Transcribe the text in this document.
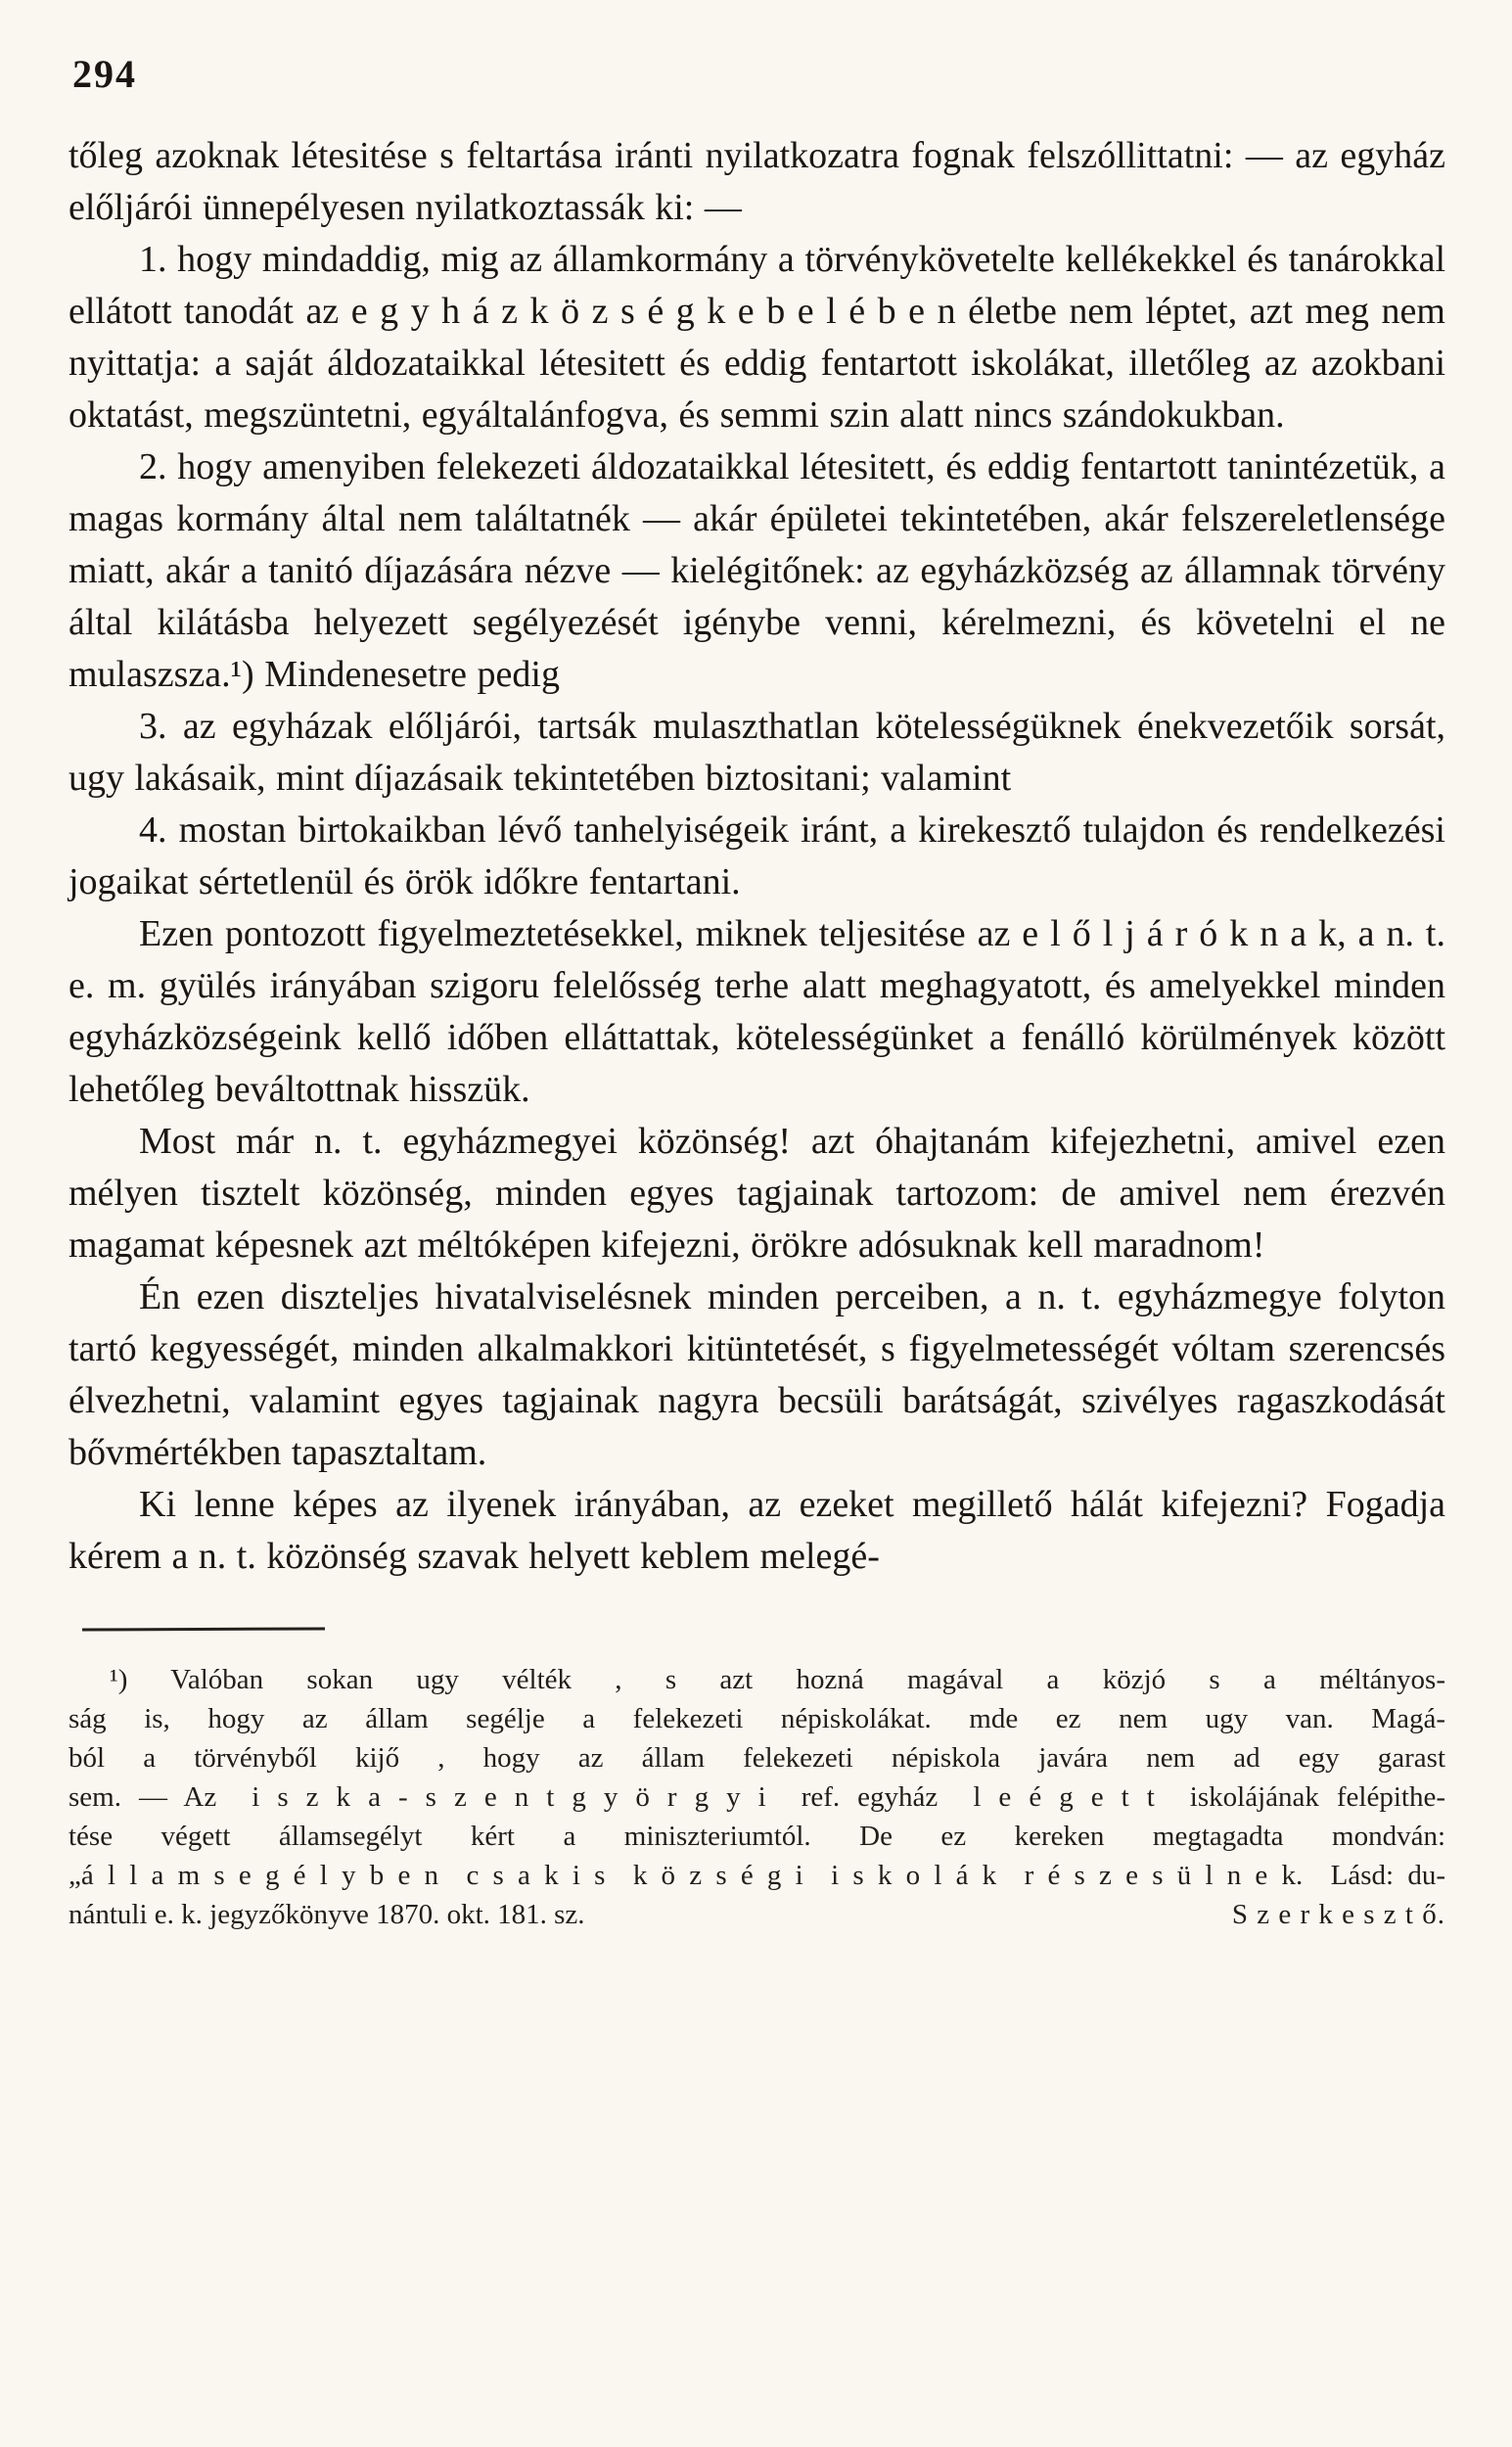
294

tőleg azoknak létesitése s feltartása iránti nyilatkozatra fognak felszóllittatni: — az egyház előljárói ünnepélyesen nyilatkoztassák ki: —

1. hogy mindaddig, mig az államkormány a törvénykövetelte kellékekkel és tanárokkal ellátott tanodát az e g y h á z k ö z s é g k e b e l é b e n életbe nem léptet, azt meg nem nyittatja: a saját áldozataikkal létesitett és eddig fentartott iskolákat, illetőleg az azokbani oktatást, megszüntetni, egyáltalánfogva, és semmi szin alatt nincs szándokukban.

2. hogy amenyiben felekezeti áldozataikkal létesitett, és eddig fentartott tanintézetük, a magas kormány által nem találtatnék — akár épületei tekintetében, akár felszereletlensége miatt, akár a tanitó díjazására nézve — kielégitőnek: az egyházközség az államnak törvény által kilátásba helyezett segélyezését igénybe venni, kérelmezni, és követelni el ne mulaszsza.¹) Mindenesetre pedig

3. az egyházak előljárói, tartsák mulaszthatlan kötelességüknek énekvezetőik sorsát, ugy lakásaik, mint díjazásaik tekintetében biztositani; valamint

4. mostan birtokaikban lévő tanhelyiségeik iránt, a kirekesztő tulajdon és rendelkezési jogaikat sértetlenül és örök időkre fentartani.

Ezen pontozott figyelmeztetésekkel, miknek teljesitése az e l ő l j á r ó k n a k, a n. t. e. m. gyülés irányában szigoru felelősség terhe alatt meghagyatott, és amelyekkel minden egyházközségeink kellő időben elláttattak, kötelességünket a fenálló körülmények között lehetőleg beváltottnak hisszük.

Most már n. t. egyházmegyei közönség! azt óhajtanám kifejezhetni, amivel ezen mélyen tisztelt közönség, minden egyes tagjainak tartozom: de amivel nem érezvén magamat képesnek azt méltóképen kifejezni, örökre adósuknak kell maradnom!

Én ezen diszteljes hivatalviselésnek minden perceiben, a n. t. egyházmegye folyton tartó kegyességét, minden alkalmakkori kitüntetését, s figyelmetességét vóltam szerencsés élvezhetni, valamint egyes tagjainak nagyra becsüli barátságát, szivélyes ragaszkodását bővmértékben tapasztaltam.

Ki lenne képes az ilyenek irányában, az ezeket megillető hálát kifejezni? Fogadja kérem a n. t. közönség szavak helyett keblem melegé-

¹) Valóban sokan ugy vélték , s azt hozná magával a közjó s a méltányos-
ság is, hogy az állam segélje a felekezeti népiskolákat. mde ez nem ugy van. Magá-
ból a törvényből kijő , hogy az állam felekezeti népiskola javára nem ad egy garast
sem. — Az  i s z k a - s z e n t g y ö r g y i  ref. egyház  l e é g e t t  iskolájának felépithe-
tése végett államsegélyt kért a miniszteriumtól. De ez kereken megtagadta mondván:
„á l l a m s e g é l y b e n  c s a k i s  k ö z s é g i  i s k o l á k  r é s z e s ü l n e k.  Lásd: du-
nántuli e. k. jegyzőkönyve 1870. okt. 181. sz.	S z e r k e s z t ő.
